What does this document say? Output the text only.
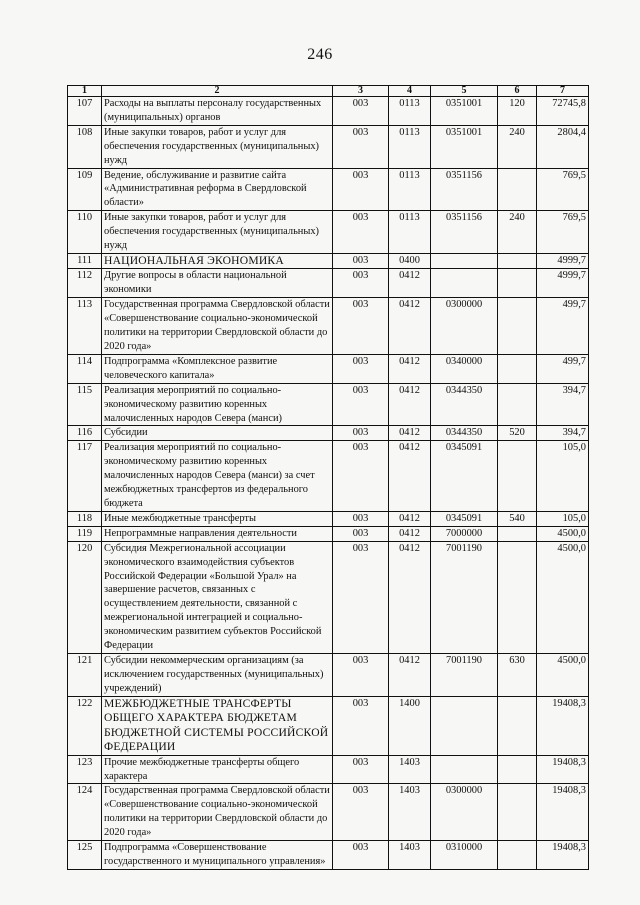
246
1	2	3	4	5	6	7
107	Расходы на выплаты персоналу государственных (муниципальных) органов	003	0113	0351001	120	72745,8
108	Иные закупки товаров, работ и услуг для обеспечения государственных (муниципальных) нужд	003	0113	0351001	240	2804,4
109	Ведение, обслуживание и развитие сайта «Административная реформа в Свердловской области»	003	0113	0351156		769,5
110	Иные закупки товаров, работ и услуг для обеспечения государственных (муниципальных) нужд	003	0113	0351156	240	769,5
111	НАЦИОНАЛЬНАЯ ЭКОНОМИКА	003	0400			4999,7
112	Другие вопросы в области национальной экономики	003	0412			4999,7
113	Государственная программа Свердловской области «Совершенствование социально-экономической политики на территории Свердловской области до 2020 года»	003	0412	0300000		499,7
114	Подпрограмма «Комплексное развитие человеческого капитала»	003	0412	0340000		499,7
115	Реализация мероприятий по социально-экономическому развитию коренных малочисленных народов Севера (манси)	003	0412	0344350		394,7
116	Субсидии	003	0412	0344350	520	394,7
117	Реализация мероприятий по социально-экономическому развитию коренных малочисленных народов Севера (манси) за счет межбюджетных трансфертов из федерального бюджета	003	0412	0345091		105,0
118	Иные межбюджетные трансферты	003	0412	0345091	540	105,0
119	Непрограммные направления деятельности	003	0412	7000000		4500,0
120	Субсидия Межрегиональной ассоциации экономического взаимодействия субъектов Российской Федерации «Большой Урал» на завершение расчетов, связанных с осуществлением деятельности, связанной с межрегиональной интеграцией и социально-экономическим развитием субъектов Российской Федерации	003	0412	7001190		4500,0
121	Субсидии некоммерческим организациям (за исключением государственных (муниципальных) учреждений)	003	0412	7001190	630	4500,0
122	МЕЖБЮДЖЕТНЫЕ ТРАНСФЕРТЫ ОБЩЕГО ХАРАКТЕРА БЮДЖЕТАМ БЮДЖЕТНОЙ СИСТЕМЫ РОССИЙСКОЙ ФЕДЕРАЦИИ	003	1400			19408,3
123	Прочие межбюджетные трансферты общего характера	003	1403			19408,3
124	Государственная программа Свердловской области «Совершенствование социально-экономической политики на территории Свердловской области до 2020 года»	003	1403	0300000		19408,3
125	Подпрограмма «Совершенствование государственного и муниципального управления»	003	1403	0310000		19408,3
